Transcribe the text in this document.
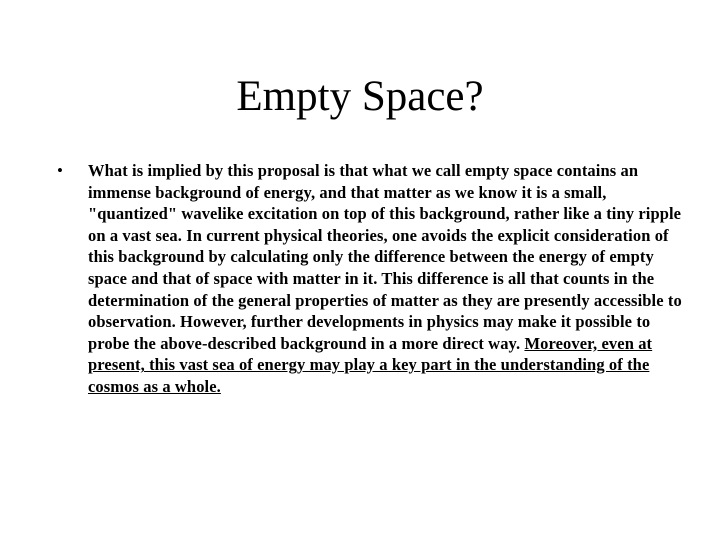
Empty Space?
•	What is implied by this proposal is that what we call empty space contains an immense background of energy, and that matter as we know it is a small, "quantized" wavelike excitation on top of this background, rather like a tiny ripple on a vast sea. In current physical theories, one avoids the explicit consideration of this background by calculating only the difference between the energy of empty space and that of space with matter in it. This difference is all that counts in the determination of the general properties of matter as they are presently accessible to observation. However, further developments in physics may make it possible to probe the above-described background in a more direct way. Moreover, even at present, this vast sea of energy may play a key part in the understanding of the cosmos as a whole.
